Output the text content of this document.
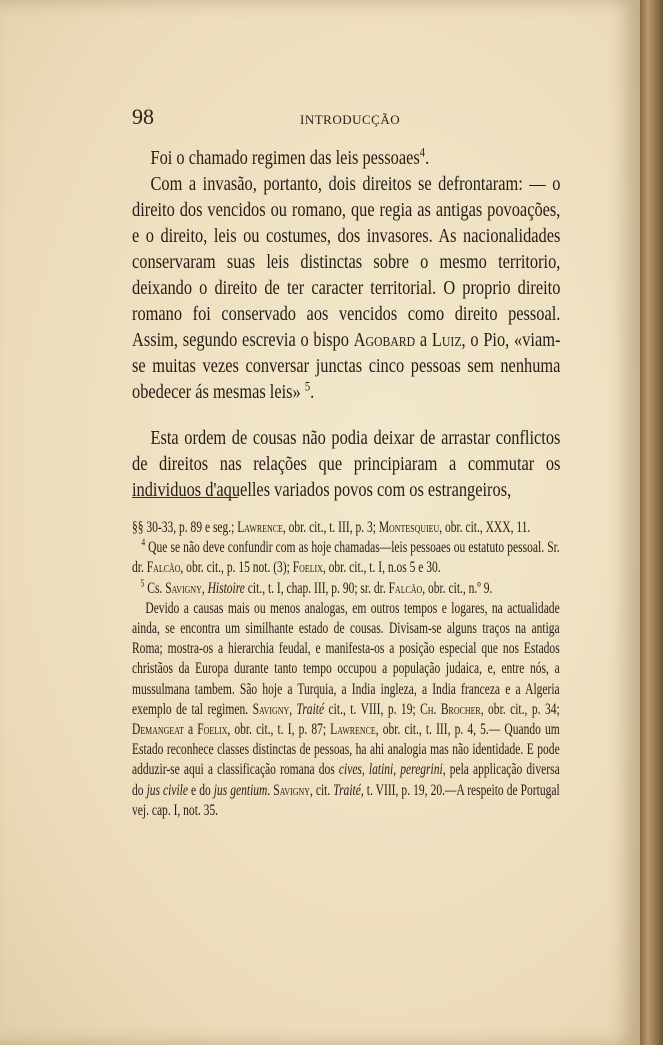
98	INTRODUCÇÃO

Foi o chamado regimen das leis pessoaes$^4$.

Com a invasão, portanto, dois direitos se defrontaram: — o direito dos vencidos ou romano, que regia as antigas povoações, e o direito, leis ou costumes, dos invasores. As nacionalidades conservaram suas leis distinctas sobre o mesmo territorio, deixando o direito de ter caracter territorial. O proprio direito romano foi conservado aos vencidos como direito pessoal. Assim, segundo escrevia o bispo Agobard a Luiz, o Pio, «viam-se muitas vezes conversar junctas cinco pessoas sem nenhuma obedecer ás mesmas leis» $^5$.

Esta ordem de cousas não podia deixar de arrastar conflictos de direitos nas relações que principiaram a commutar os individuos d'aquelles variados povos com os estrangeiros,

§§ 30-33, p. 89 e seg.; Lawrence, obr. cit., t. III, p. 3; Montesquieu, obr. cit., XXX, 11.

$^4$ Que se não deve confundir com as hoje chamadas—leis pessoaes ou estatuto pessoal. Sr. dr. Falcão, obr. cit., p. 15 not. (3); Foelix, obr. cit., t. I, n.os 5 e 30.

$^5$ Cs. Savigny, Histoire cit., t. I, chap. III, p. 90; sr. dr. Falcão, obr. cit., n.º 9.

Devido a causas mais ou menos analogas, em outros tempos e logares, na actualidade ainda, se encontra um similhante estado de cousas. Divisam-se alguns traços na antiga Roma; mostra-os a hierarchia feudal, e manifesta-os a posição especial que nos Estados christãos da Europa durante tanto tempo occupou a população judaica, e, entre nós, a mussulmana tambem. São hoje a Turquia, a India ingleza, a India franceza e a Algeria exemplo de tal regimen. Savigny, Traité cit., t. VIII, p. 19; Ch. Brocher, obr. cit., p. 34; Demangeat a Foelix, obr. cit., t. I, p. 87; Lawrence, obr. cit., t. III, p. 4, 5.— Quando um Estado reconhece classes distinctas de pessoas, ha ahi analogia mas não identidade. E pode adduzir-se aqui a classificação romana dos cives, latini, peregrini, pela applicação diversa do jus civile e do jus gentium. Savigny, cit. Traité, t. VIII, p. 19, 20.—A respeito de Portugal vej. cap. I, not. 35.
